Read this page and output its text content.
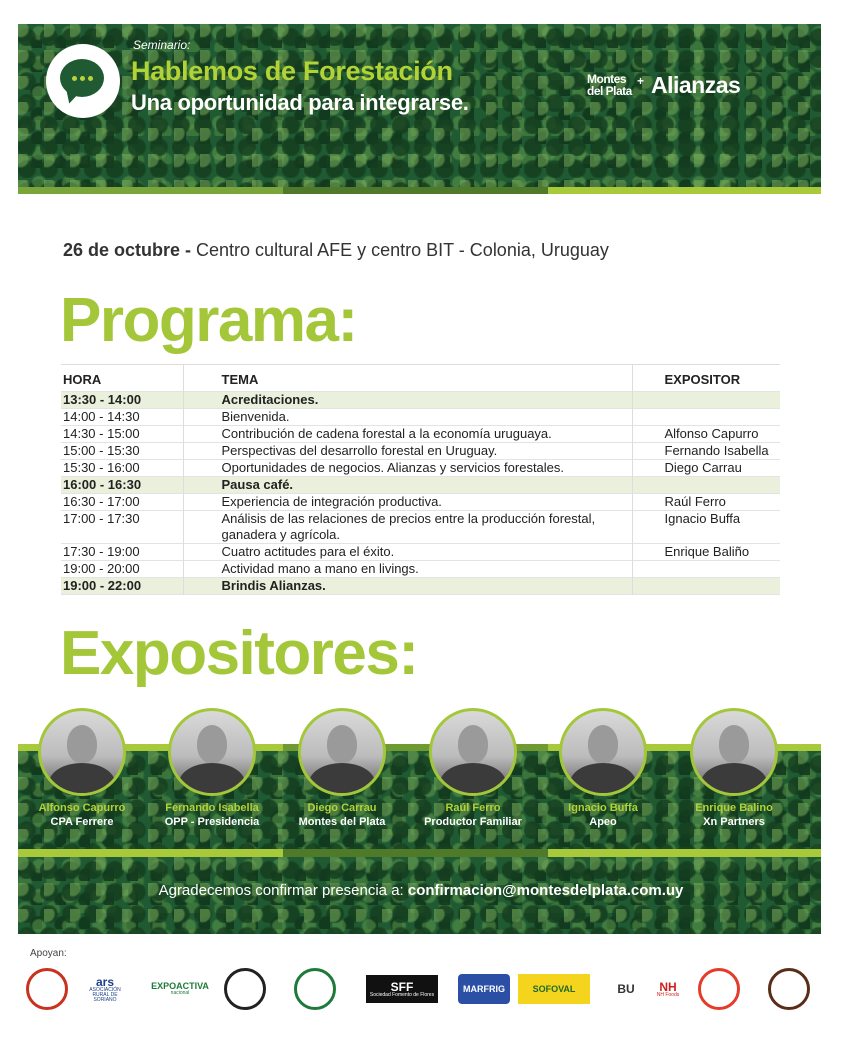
Seminario:
Hablemos de Forestación
Una oportunidad para integrarse.
Montes
del Plata
+ Alianzas
26 de octubre - Centro cultural AFE y centro BIT - Colonia, Uruguay
Programa:
HORA	TEMA	EXPOSITOR
13:30 - 14:00	Acreditaciones.	
14:00 - 14:30	Bienvenida.	
14:30 - 15:00	Contribución de cadena forestal a la economía uruguaya.	Alfonso Capurro
15:00 - 15:30	Perspectivas del desarrollo forestal en Uruguay.	Fernando Isabella
15:30 - 16:00	Oportunidades de negocios. Alianzas y servicios forestales.	Diego Carrau
16:00 - 16:30	Pausa café.	
16:30 - 17:00	Experiencia de integración productiva.	Raúl Ferro
17:00 - 17:30	Análisis de las relaciones de precios entre la producción forestal, ganadera y agrícola.	Ignacio Buffa
17:30 - 19:00	Cuatro actitudes para el éxito.	Enrique Baliño
19:00 - 20:00	Actividad mano a mano en livings.	
19:00 - 22:00	Brindis Alianzas.	
Expositores:
Alfonso Capurro
CPA Ferrere
Fernando Isabella
OPP - Presidencia
Diego Carrau
Montes del Plata
Raúl Ferro
Productor Familiar
Ignacio Buffa
Apeo
Enrique Balino
Xn Partners
Agradecemos confirmar presencia a: confirmacion@montesdelplata.com.uy
Apoyan:
ars
ASOCIACIÓN RURAL DE SORIANO
EXPOACTIVA
nacional	SFF
Sociedad Fomento de Flores
MARFRIG	SOFOVAL	BU NH
NH Foods
